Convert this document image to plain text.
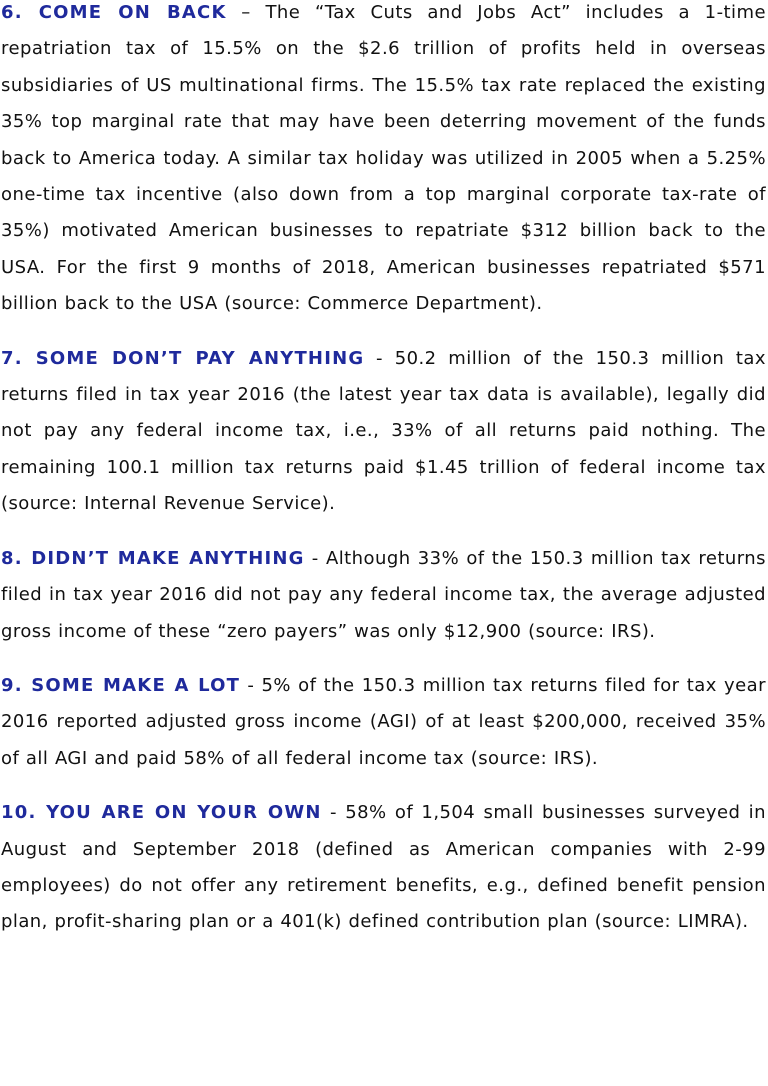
6. COME ON BACK – The “Tax Cuts and Jobs Act” includes a 1-time repatriation tax of 15.5% on the $2.6 trillion of profits held in overseas subsidiaries of US multinational firms. The 15.5% tax rate replaced the existing 35% top marginal rate that may have been deterring movement of the funds back to America today. A similar tax holiday was utilized in 2005 when a 5.25% one-time tax incentive (also down from a top marginal corporate tax-rate of 35%) motivated American businesses to repatriate $312 billion back to the USA. For the first 9 months of 2018, American businesses repatriated $571 billion back to the USA (source: Commerce Department).

7. SOME DON’T PAY ANYTHING - 50.2 million of the 150.3 million tax returns filed in tax year 2016 (the latest year tax data is available), legally did not pay any federal income tax, i.e., 33% of all returns paid nothing. The remaining 100.1 million tax returns paid $1.45 trillion of federal income tax (source: Internal Revenue Service).

8. DIDN’T MAKE ANYTHING - Although 33% of the 150.3 million tax returns filed in tax year 2016 did not pay any federal income tax, the average adjusted gross income of these “zero payers” was only $12,900 (source: IRS).

9. SOME MAKE A LOT - 5% of the 150.3 million tax returns filed for tax year 2016 reported adjusted gross income (AGI) of at least $200,000, received 35% of all AGI and paid 58% of all federal income tax (source: IRS).

10. YOU ARE ON YOUR OWN - 58% of 1,504 small businesses surveyed in August and September 2018 (defined as American companies with 2-99 employees) do not offer any retirement benefits, e.g., defined benefit pension plan, profit-sharing plan or a 401(k) defined contribution plan (source: LIMRA).
